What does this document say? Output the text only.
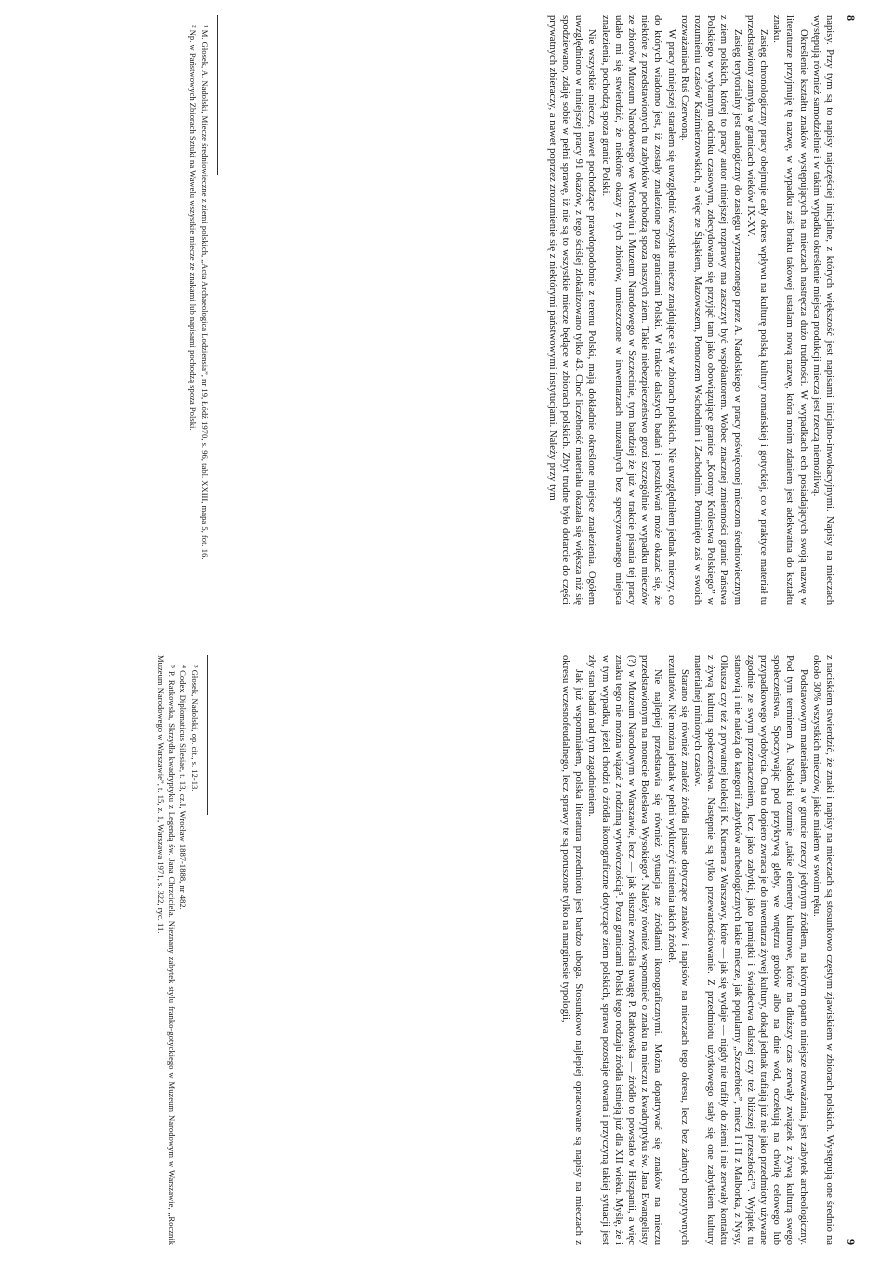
8

napisy. Przy tym są to napisy najczęściej inicjalne, z których większość jest napisami inicjalno-inwokacyjnymi. Napisy na mieczach występują również samodzielnie i w takim wypadku określenie miejsca produkcji miecza jest rzeczą niemożliwą.

Określenie kształtu znaków występujących na mieczach nastręcza dużo trudności. W wypadkach ech posiadających swoją nazwę w literaturze przyjmuję tę nazwę, w wypadku zaś braku takowej ustalam nową nazwę, która moim zdaniem jest adekwatna do kształtu znaku.

Zasięg chronologiczny pracy obejmuje cały okres wpływu na kulturę polską kultury romańskiej i gotyckiej, co w praktyce materiał tu przedstawiony zamyka w granicach wieków IX-XV.

Zasięg terytorialny jest analogiczny do zasięgu wyznaczonego przez A. Nadolskiego w pracy poświęconej mieczom średniowiecznym z ziem polskich, której to pracy autor niniejszej rozprawy ma zaszczyt być współautorem. Wobec znacznej zmienności granic Państwa Polskiego w wybranym odcinku czasowym, zdecydowano się przyjąć tam jako obowiązujące granice „Korony Królestwa Polskiego” w rozumieniu czasów Kazimierzowskich, a więc ze Śląskiem, Mazowszem, Pomorzem Wschodnim i Zachodnim. Pominięto zaś w swoich rozważaniach Ruś Czerwoną.

W pracy niniejszej starałem się uwzględnić wszystkie miecze znajdujące się w zbiorach polskich. Nie uwzględniłem jednak mieczy, co do których wiadomo jest, iż zostały znalezione poza granicami Polski. W trakcie dalszych badań i poszukiwań może okazać się, że niektóre z przedstawionych tu zabytków pochodzą spoza naszych ziem. Takie niebezpieczeństwo grozi szczególnie w wypadku mieczów ze zbiorów Muzeum Narodowego we Wrocławiu i Muzeum Narodowego w Szczecinie, tym bardziej że już w trakcie pisania tej pracy udało mi się stwierdzić, że niektóre okazy z tych zbiorów, umieszczone w inwentarzach muzealnych bez sprecyzowanego miejsca znalezienia, pochodzą spoza granic Polski.

Nie wszystkie miecze, nawet pochodzące prawdopodobnie z terenu Polski, mają dokładnie określone miejsce znalezienia. Ogółem uwzględniono w niniejszej pracy 91 okazów, z tego ściślej zlokalizowano tylko 43. Choć liczebność materiału okazała się większa niż się spodziewano, zdaję sobie w pełni sprawę, iż nie są to wszystkie miecze będące w zbiorach polskich. Zbyt trudne było dotarcie do części prywatnych zbieraczy, a nawet poprzez zrozumienie się z niektórymi państwowymi instytucjami. Należy przy tym

¹ M. Głosek, A. Nadolski, Miecze średniowieczne z ziemi polskich, „Acta Archaeologica Lodziensia”, nr 19, Łódź 1970, s. 96, tabl. XXIII, mapa 5, fot. 16.

² Np. w Państwowych Zbiorach Sztuki na Wawelu wszystkie miecze ze znakami lub napisami pochodzą spoza Polski.

9

z naciskiem stwierdzić, że znaki i napisy na mieczach są stosunkowo częstym zjawiskiem w zbiorach polskich. Występują one średnio na około 30% wszystkich mieczów, jakie miałem w swoim ręku.

Podstawowym materiałem, a w gruncie rzeczy jedynym źródłem, na którym oparto niniejsze rozważania, jest zabytek archeologiczny. Pod tym terminem A. Nadolski rozumie „takie elementy kulturowe, które na dłuższy czas zerwały związek z żywą kulturą swego społeczeństwa. Spoczywając pod przykrywą gleby, we wnętrzu grobów albo na dnie wód, oczekują na chwilę celowego lub przypadkowego wydobycia. Ona to dopiero zwraca je do inwentarza żywej kultury, dokąd jednak trafiają już nie jako przedmioty używane zgodnie ze swym przeznaczeniem, lecz jako zabytki, jako pamiątki i świadectwa dalszej czy też bliższej przeszłości”³. Wyjątek tu stanowią i nie należą do kategorii zabytków archeologicznych takie miecze, jak popularny „Szczerbiec”, miecz I i II z Malborka, z Nysy, Olkusza czy też z prywatnej kolekcji K. Kucnera z Warszawy, które — jak się wydaje — nigdy nie trafiły do ziemi i nie zerwały kontaktu z żywą kulturą społeczeństwa. Następnie są tylko przewartościowanie. Z przedmiotu użytkowego stały się one zabytkiem kultury materialnej minionych czasów.

Starano się również znaleźć źródła pisane dotyczące znaków i napisów na mieczach tego okresu, lecz bez żadnych pozytywnych rezultatów. Nie można jednak w pełni wykluczyć istnienia takich źródeł.

Nie najlepiej przedstawia się również sytuacja ze źródłami ikonograficznymi. Można dopatrywać się znaków na mieczu przedstawionym na monecie Bolesława Wysokiego⁴. Należy również wspomnieć o znaku na mieczu z kwadryptyku św. Jana Ewangelisty (?) w Muzeum Narodowym w Warszawie, lecz — jak słusznie zwróciła uwagę P. Ratkowska — źródło to powstało w Hiszpanii, a więc znaku tego nie można wiązać z rodzimą wytwórczością⁵. Poza granicami Polski tego rodzaju źródła istnieją już dla XII wieku. Myślę, że i w tym wypadku, jeżeli chodzi o źródła ikonograficzne dotyczące ziem polskich, sprawa pozostaje otwarta i przyczyną takiej sytuacji jest zły stan badań nad tym zagadnieniem.

Jak już wspomniałem, polska literatura przedmiotu jest bardzo uboga. Stosunkowo najlepiej opracowane są napisy na mieczach z okresu wczesnofeudalnego, lecz sprawy te są poruszone tylko na marginesie typologii,

³ Głosek, Nadolski, op. cit., s. 12-13.

⁴ Codex Diplomaticus Silesiae, t. 13, cz.I, Wrocław 1887-1888, nr 482.

⁵ P. Ratkowska, Skrzydła kwadryptyku z Legendą św. Jana Chrzciciela. Nieznany zabytek stylu franko-gotyckiego w Muzeum Narodowym w Warszawie, „Rocznik Muzeum Narodowego w Warszawie”, t. 15, z. 1, Warszawa 1971, s. 322, ryc. 11.
